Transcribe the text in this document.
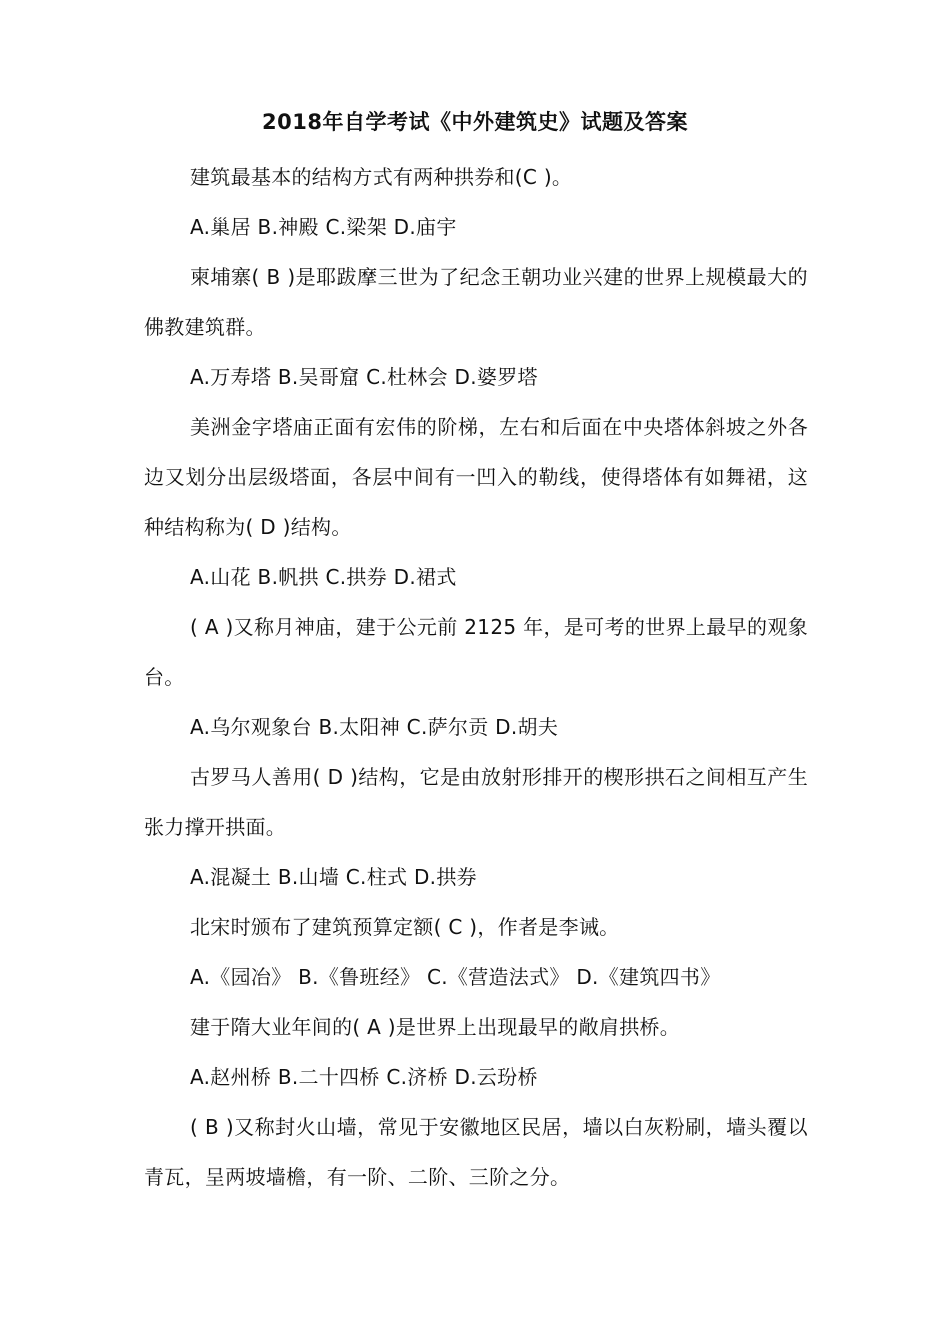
2018年自学考试《中外建筑史》试题及答案

建筑最基本的结构方式有两种拱券和(C )。

A.巢居 B.神殿 C.梁架 D.庙宇

柬埔寨( B )是耶跋摩三世为了纪念王朝功业兴建的世界上规模最大的佛教建筑群。

A.万寿塔 B.吴哥窟 C.杜林会 D.婆罗塔

美洲金字塔庙正面有宏伟的阶梯，左右和后面在中央塔体斜坡之外各边又划分出层级塔面，各层中间有一凹入的勒线，使得塔体有如舞裙，这种结构称为( D )结构。

A.山花 B.帆拱 C.拱券 D.裙式

( A )又称月神庙，建于公元前 2125 年，是可考的世界上最早的观象台。

A.乌尔观象台 B.太阳神 C.萨尔贡 D.胡夫

古罗马人善用( D )结构，它是由放射形排开的楔形拱石之间相互产生张力撑开拱面。

A.混凝土 B.山墙 C.柱式 D.拱券

北宋时颁布了建筑预算定额( C )，作者是李诫。

A.《园冶》 B.《鲁班经》 C.《营造法式》 D.《建筑四书》

建于隋大业年间的( A )是世界上出现最早的敞肩拱桥。

A.赵州桥 B.二十四桥 C.济桥 D.云玢桥

( B )又称封火山墙，常见于安徽地区民居，墙以白灰粉刷，墙头覆以青瓦，呈两坡墙檐，有一阶、二阶、三阶之分。
